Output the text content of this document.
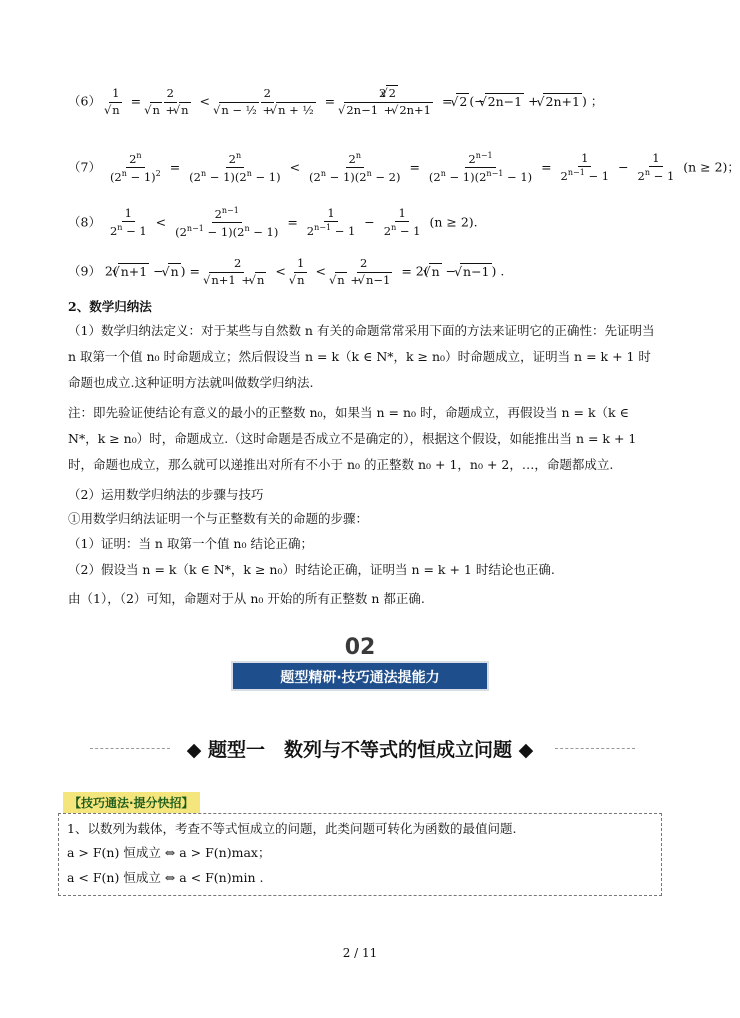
（6） 1
√ n = 2
√ n + √ n < 2
√ n − ½ + √ n + ½ = 2 √ 2
√ 2n−1 + √ 2n+1 = √ 2 (− √ 2n−1 + √ 2n+1 ) ；
$(7) \frac{2^n}{(2^n - 1)^2} = \frac{2^n}{(2^n - 1)(2^n - 1)} < \frac{2^n}{(2^n - 1)(2^n - 2)} = \frac{2^{n-1}}{(2^n - 1)(2^{n-1} - 1)} = \frac{1}{2^{n-1} - 1} - \frac{1}{2^n - 1} (n \ge 2)$；
$(8) \frac{1}{2^n - 1} < \frac{2^{n-1}}{(2^{n-1} - 1)(2^n - 1)} = \frac{1}{2^{n-1} - 1} - \frac{1}{2^n - 1} (n \ge 2)$.
（9） 2( √ n+1 − √ n ) = 2
√ n+1 + √ n < 1
√ n < 2
√ n + √ n−1 = 2( √ n − √ n−1 ) .
2、数学归纳法
（1）数学归纳法定义：对于某些与自然数 n 有关的命题常常采用下面的方法来证明它的正确性：先证明当 n 取第一个值 n₀ 时命题成立；然后假设当 n = k（k ∈ N*，k ≥ n₀）时命题成立，证明当 n = k + 1 时命题也成立.这种证明方法就叫做数学归纳法.
注：即先验证使结论有意义的最小的正整数 n₀，如果当 n = n₀ 时，命题成立，再假设当 n = k（k ∈ N*，k ≥ n₀）时，命题成立.（这时命题是否成立不是确定的），根据这个假设，如能推出当 n = k + 1 时，命题也成立，那么就可以递推出对所有不小于 n₀ 的正整数 n₀ + 1，n₀ + 2，…，命题都成立.
（2）运用数学归纳法的步骤与技巧
①用数学归纳法证明一个与正整数有关的命题的步骤：
（1）证明：当 n 取第一个值 n₀ 结论正确；
（2）假设当 n = k（k ∈ N*，k ≥ n₀）时结论正确，证明当 n = k + 1 时结论也正确.
由（1），（2）可知，命题对于从 n₀ 开始的所有正整数 n 都正确.
02
题型精研·技巧通法提能力
◆ 题型一　数列与不等式的恒成立问题 ◆
【技巧通法·提分快招】
1、以数列为载体，考查不等式恒成立的问题，此类问题可转化为函数的最值问题.
a > F(n) 恒成立 ⇔ a > F(n)max；
a < F(n) 恒成立 ⇔ a < F(n)min .
2 / 11
